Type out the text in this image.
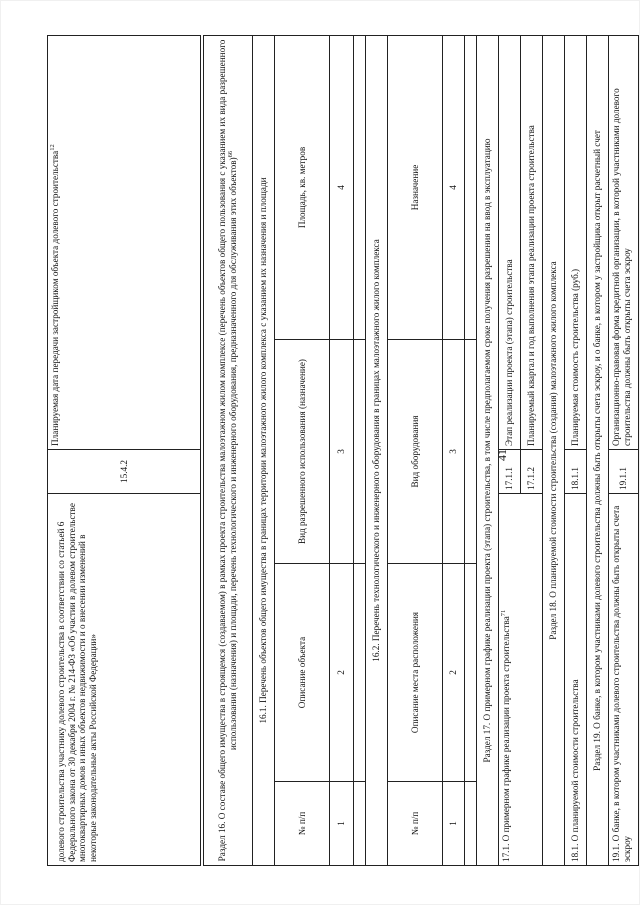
41
долевого строительства участнику долевого строительства в соответствии со статьей 6 Федерального закона от 30 декабря 2004 г. № 214-ФЗ «Об участии в долевом строительстве многоквартирных домов и иных объектов недвижимости и о внесении изменений в некоторые законодательные акты Российской Федерации»			15.4.2	Планируемая дата передачи застройщиком объекта долевого строительства$^{12}$

Раздел 16. О составе общего имущества в строящемся (создаваемом) в рамках проекта строительства малоэтажном жилом комплексе (перечень объектов общего пользования с указанием их вида разрешенного использования (назначения) и площади, перечень технологического и инженерного оборудования, предназначенного для обслуживания этих объектов)$^{66}$
16.1. Перечень объектов общего имущества в границах территории малоэтажного жилого комплекса с указанием их назначения и площади					
№ п/п	Описание объекта	Вид разрешенного использования (назначение)			Площадь, кв. метров
1	2	3			4

16.2. Перечень технологического и инженерного оборудования в границах малоэтажного жилого комплекса					
№ п/п	Описание места расположения	Вид оборудования			Назначение
1	2	3			4

Раздел 17. О примерном графике реализации проекта (этапа) строительства, в том числе предполагаемом сроке получения разрешения на ввод в эксплуатацию					
17.1. О примерном графике реализации проекта строительства$^{71}$			17.1.1	Этап реализации проекта (этапа) строительства	
			17.1.2	Планируемый квартал и год выполнения этапа реализации проекта строительства	
Раздел 18. О планируемой стоимости строительства (создания) малоэтажного жилого комплекса					
18.1. О планируемой стоимости строительства			18.1.1	Планируемая стоимость строительства (руб.)	
Раздел 19. О банке, в котором участниками долевого строительства должны быть открыты счета эскроу, и о банке, в котором у застройщика открыт расчетный счет					
19.1. О банке, в котором участниками долевого строительства должны быть открыты счета эскроу			19.1.1	Организационно-правовая форма кредитной организации, в которой участниками долевого строительства должны быть открыты счета эскроу	
